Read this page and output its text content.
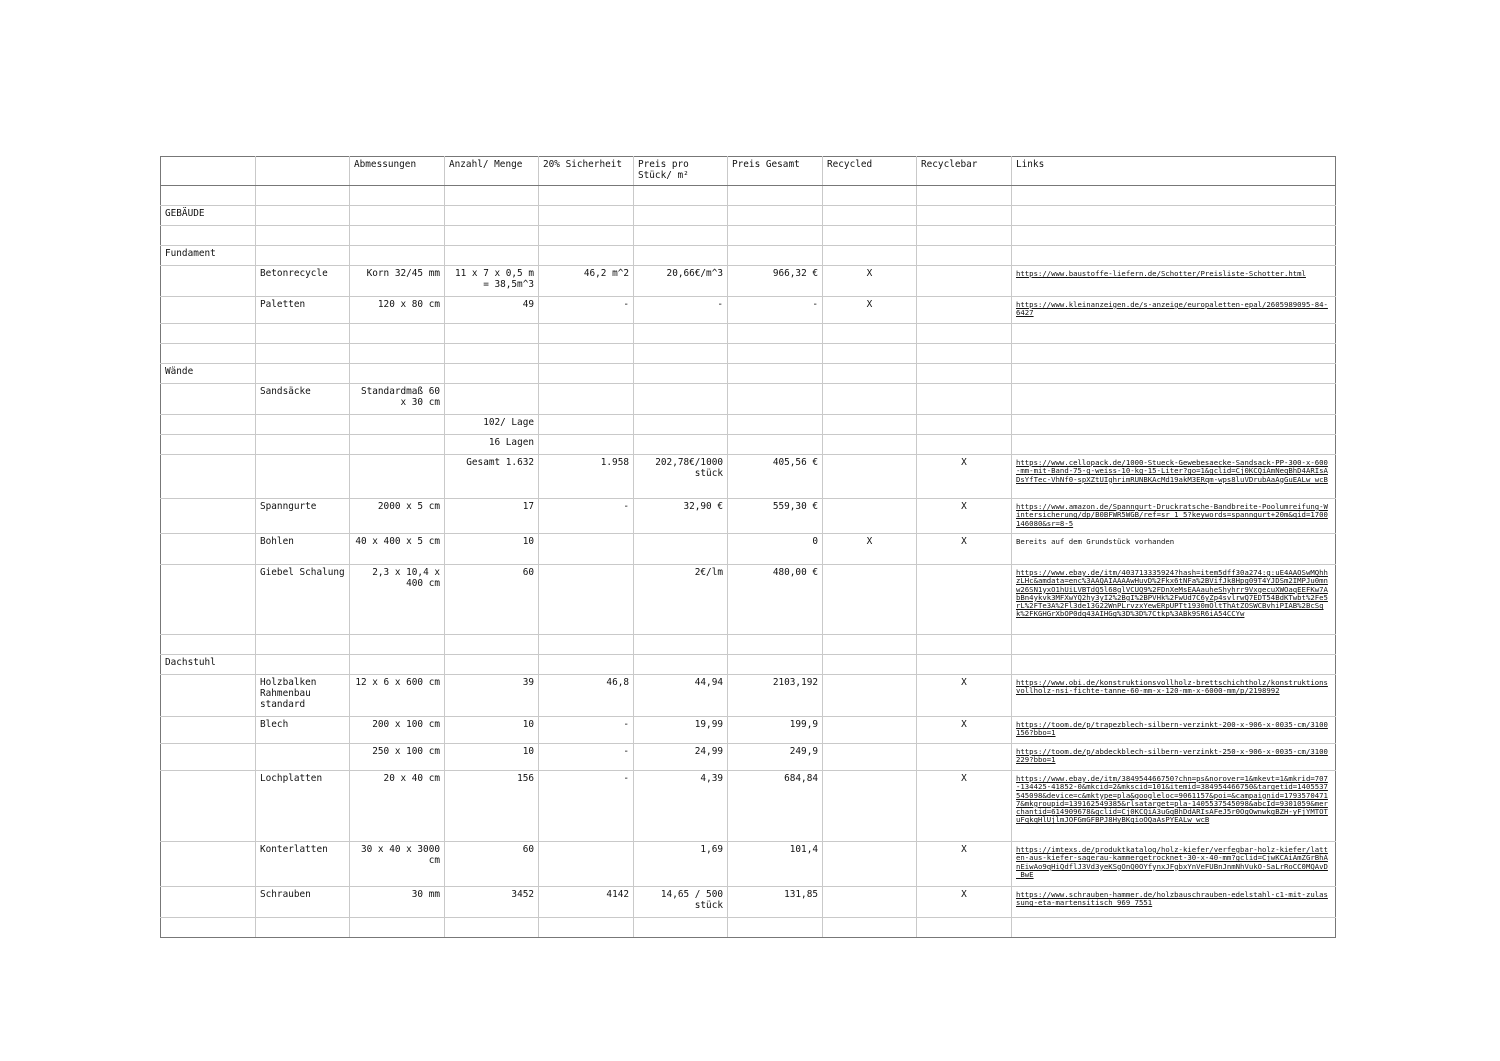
		Abmessungen	Anzahl/ Menge	20% Sicherheit	Preis pro Stück/ m²	Preis Gesamt	Recycled	Recyclebar	Links

GEBÄUDE									

Fundament									
	Betonrecycle	Korn 32/45 mm	11 x 7 x 0,5 m = 38,5m^3	46,2 m^2	20,66€/m^3	966,32 €	X		https://www.baustoffe-liefern.de/Schotter/Preisliste-Schotter.html
	Paletten	120 x 80 cm	49	-	-	-	X		https://www.kleinanzeigen.de/s-anzeige/europaletten-epal/2605989095-84-6427

Wände									
	Sandsäcke	Standardmaß 60 x 30 cm							
			102/ Lage						
			16 Lagen						
			Gesamt 1.632	1.958	202,78€/1000 stück	405,56 €		X	https://www.cellopack.de/1000-Stueck-Gewebesaecke-Sandsack-PP-300-x-600-mm-mit-Band-75-g-weiss-10-kg-15-Liter?go=1&gclid=Cj0KCQiAmNeqBhD4ARIsADsYfTec-VhNf0-spXZtUIghrimRUNBKAcMd19akM3ERqm-wps8luVDrubAaAgGuEALw_wcB
	Spanngurte	2000 x 5 cm	17	-	32,90 €	559,30 €		X	https://www.amazon.de/Spanngurt-Druckratsche-Bandbreite-Poolumreifung-Wintersicherung/dp/B0BFWR5WGB/ref=sr_1_5?keywords=spanngurt+20m&qid=1700146080&sr=8-5
	Bohlen	40 x 400 x 5 cm	10			0	X	X	Bereits auf dem Grundstück vorhanden
	Giebel Schalung	2,3 x 10,4 x 400 cm	60		2€/lm	480,00 €			https://www.ebay.de/itm/403713335924?hash=item5dff30a274:g:uE4AAOSwMQhhzLHc&amdata=enc%3AAQAIAAAAwHuvD%2Fkx6tNFa%2BVifJk8Hpg09T4YJDSm2IMPJu0mnw26SN1yxO1hUiLVBTdQ5l68glVCUQ9%2FDnXeMsEAAauheShyhrr9VxgecuXWOaqEEFKw7AbBn4ykvk3MFXwYQ2hy3yI2%2BgI%2BPVHk%2FwUd7C6yZp4svlrwQ7EDT54BdKTwbt%2Fe5rL%2FTe3A%2Fl3de13G22WnPLrvzxYewERpUPTt1930mOltThAtZOSWCBvhiPIAB%2BcSqk%2FKGHGrXbOP0dq43AIHGg%3D%3D%7Ctkp%3ABk9SR6iA54CCYw

Dachstuhl									
	Holzbalken Rahmenbau standard	12 x 6 x 600 cm	39	46,8	44,94	2103,192		X	https://www.obi.de/konstruktionsvollholz-brettschichtholz/konstruktionsvollholz-nsi-fichte-tanne-60-mm-x-120-mm-x-6000-mm/p/2198992
	Blech	200 x 100 cm	10	-	19,99	199,9		X	https://toom.de/p/trapezblech-silbern-verzinkt-200-x-906-x-0035-cm/3100156?bbo=1
		250 x 100 cm	10	-	24,99	249,9			https://toom.de/p/abdeckblech-silbern-verzinkt-250-x-906-x-0035-cm/3100229?bbo=1
	Lochplatten	20 x 40 cm	156	-	4,39	684,84		X	https://www.ebay.de/itm/384954466750?chn=ps&norover=1&mkevt=1&mkrid=707-134425-41852-0&mkcid=2&mkscid=101&itemid=384954466750&targetid=1405537545098&device=c&mktype=pla&googleloc=9061157&poi=&campaignid=17935704717&mkgroupid=139162549385&rlsatarget=pla-1405537545098&abcId=9301059&merchantid=614909678&gclid=Cj0KCQiA3uGqBhDdARIsAFeJ5r0OgOwnwkgBZH-yFjYMTOTuFqkqHlUjlmJOFGmGFBPJ8HyBKqioOQaAsPYEALw_wcB
	Konterlatten	30 x 40 x 3000 cm	60		1,69	101,4		X	https://imtexs.de/produktkatalog/holz-kiefer/verfegbar-holz-kiefer/latten-aus-kiefer-sagerau-kammergetrocknet-30-x-40-mm?gclid=CjwKCAiAmZGrBhAnEiwAo9qHiQdflJ3Vd3yeKSgOnQ0OYfynxJFgbxYnVeFUBnJnmNhVukO-SaLrRoCC0MQAvD_BwE
	Schrauben	30 mm	3452	4142	14,65 / 500 stück	131,85		X	https://www.schrauben-hammer.de/holzbauschrauben-edelstahl-c1-mit-zulassung-eta-martensitisch_969_7551
